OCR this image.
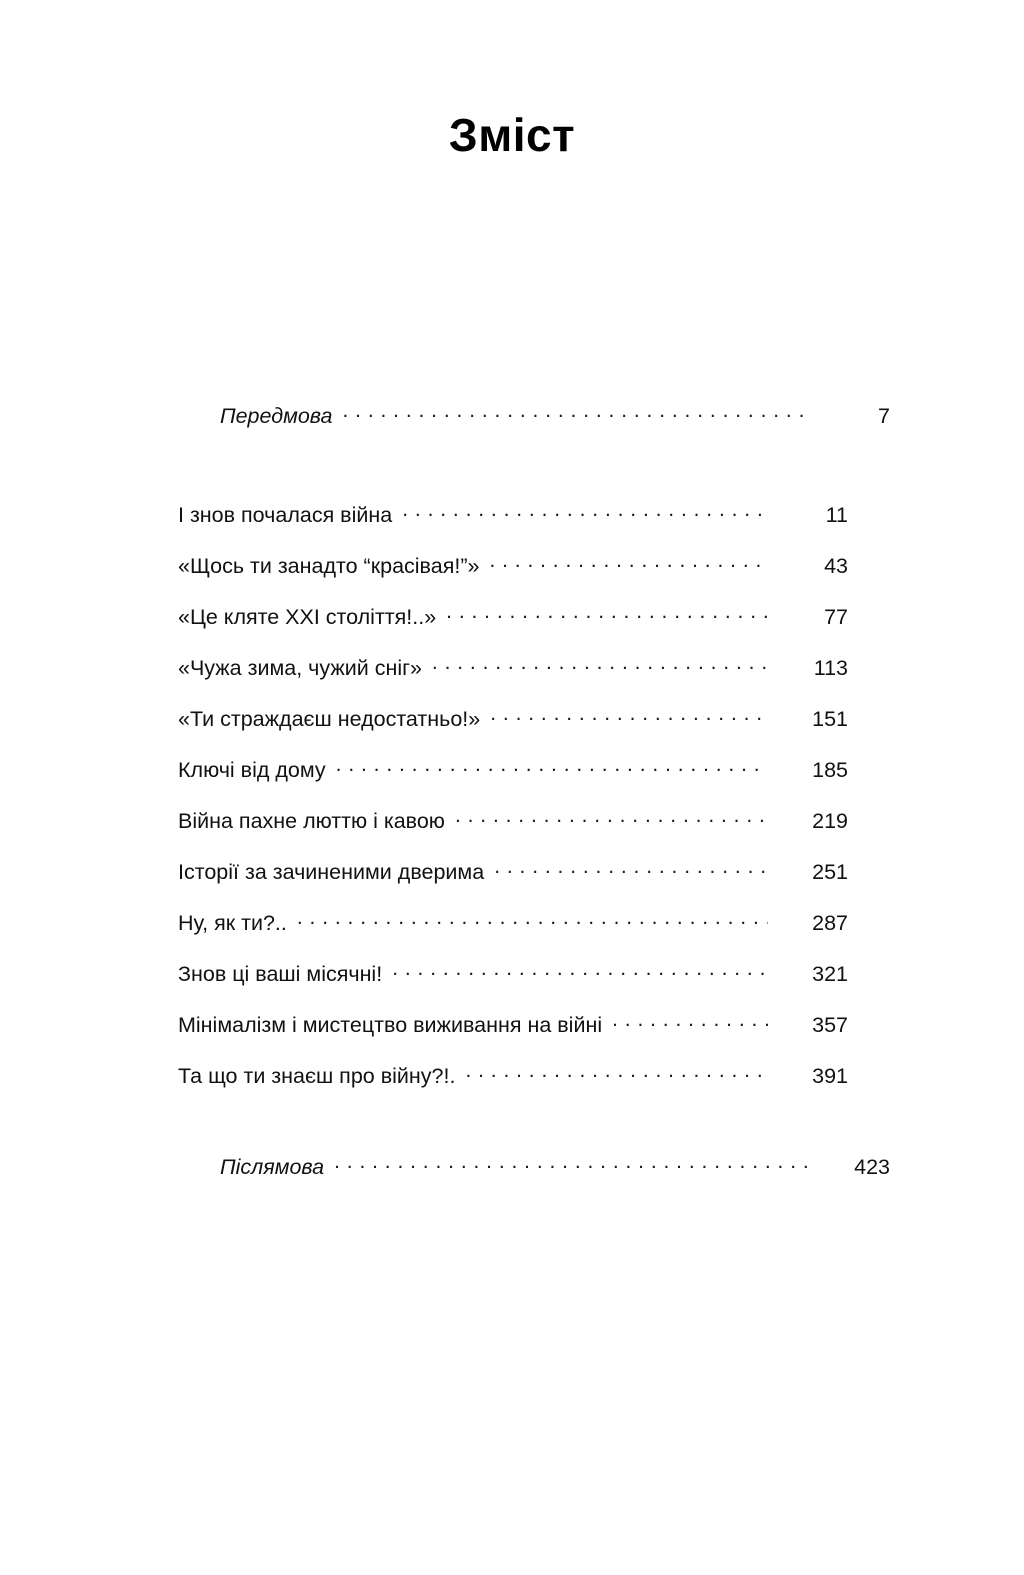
Зміст
Передмова . . .	7
І знов почалася війна . . .	11
«Щось ти занадто “красівая!”» . . .	43
«Це кляте XXI століття!..» . . .	77
«Чужа зима, чужий сніг» . . .	113
«Ти страждаєш недостатньо!» . . .	151
Ключі від дому . . .	185
Війна пахне люттю і кавою . . .	219
Історії за зачиненими дверима . . .	251
Ну, як ти?.. . . .	287
Знов ці ваші місячні! . . .	321
Мінімалізм і мистецтво виживання на війні . . .	357
Та що ти знаєш про війну?!. . . .	391
Післямова . . .	423
